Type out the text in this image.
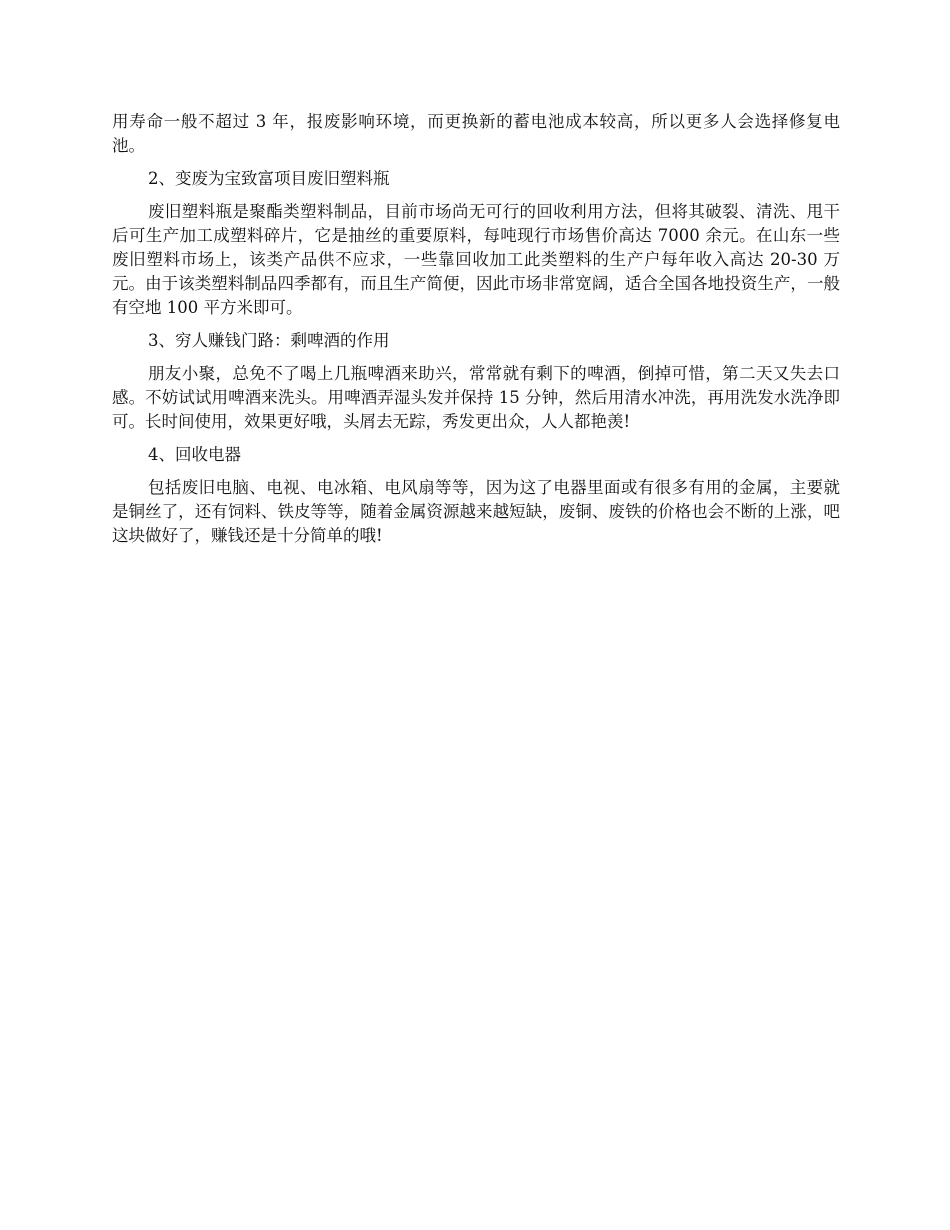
用寿命一般不超过 3 年，报废影响环境，而更换新的蓄电池成本较高，所以更多人会选择修复电池。

2、变废为宝致富项目废旧塑料瓶

废旧塑料瓶是聚酯类塑料制品，目前市场尚无可行的回收利用方法，但将其破裂、清洗、甩干后可生产加工成塑料碎片，它是抽丝的重要原料，每吨现行市场售价高达 7000 余元。在山东一些废旧塑料市场上，该类产品供不应求，一些靠回收加工此类塑料的生产户每年收入高达 20-30 万元。由于该类塑料制品四季都有，而且生产简便，因此市场非常宽阔，适合全国各地投资生产，一般有空地 100 平方米即可。

3、穷人赚钱门路：剩啤酒的作用

朋友小聚，总免不了喝上几瓶啤酒来助兴，常常就有剩下的啤酒，倒掉可惜，第二天又失去口感。不妨试试用啤酒来洗头。用啤酒弄湿头发并保持 15 分钟，然后用清水冲洗，再用洗发水洗净即可。长时间使用，效果更好哦，头屑去无踪，秀发更出众，人人都艳羡!

4、回收电器

包括废旧电脑、电视、电冰箱、电风扇等等，因为这了电器里面或有很多有用的金属，主要就是铜丝了，还有饲料、铁皮等等，随着金属资源越来越短缺，废铜、废铁的价格也会不断的上涨，吧这块做好了，赚钱还是十分简单的哦!
